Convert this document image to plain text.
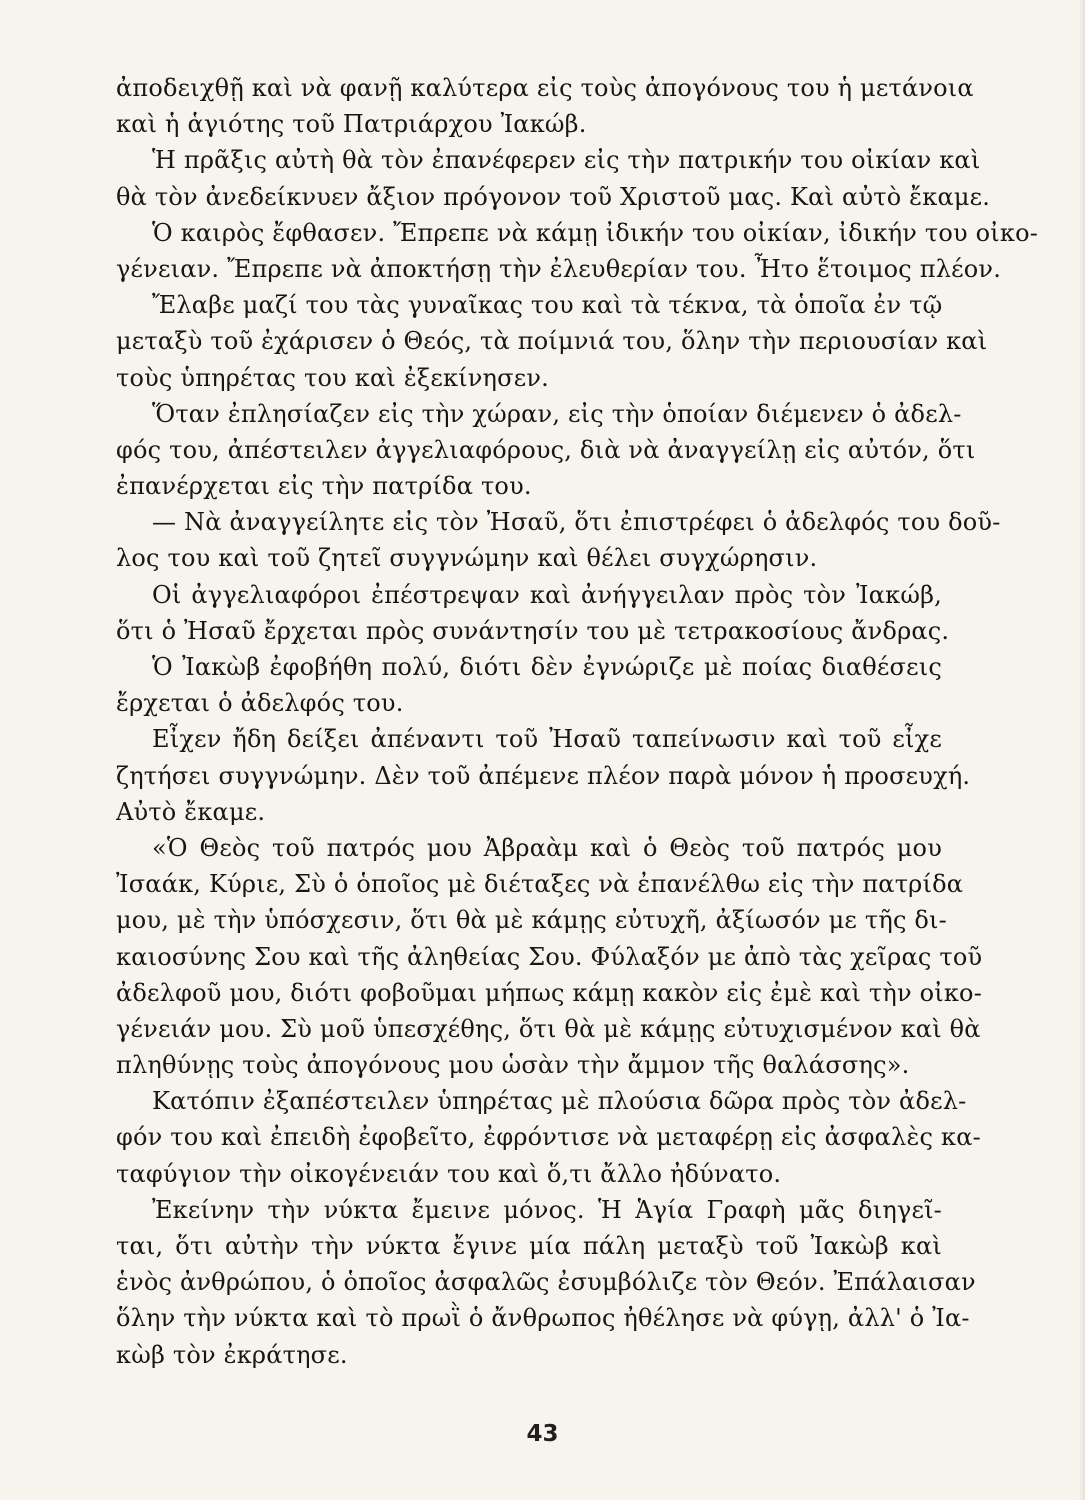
ἀποδειχθῇ καὶ νὰ φανῇ καλύτερα εἰς τοὺς ἀπογόνους του ἡ μετάνοια
καὶ ἡ ἁγιότης τοῦ Πατριάρχου Ἰακώβ.
Ἡ πρᾶξις αὐτὴ θὰ τὸν ἐπανέφερεν εἰς τὴν πατρικήν του οἰκίαν καὶ
θὰ τὸν ἀνεδείκνυεν ἄξιον πρόγονον τοῦ Χριστοῦ μας. Καὶ αὐτὸ ἔκαμε.
Ὁ καιρὸς ἔφθασεν. Ἔπρεπε νὰ κάμῃ ἰδικήν του οἰκίαν, ἰδικήν του οἰκο-
γένειαν. Ἔπρεπε νὰ ἀποκτήσῃ τὴν ἐλευθερίαν του. Ἦτο ἕτοιμος πλέον.
Ἔλαβε μαζί του τὰς γυναῖκας του καὶ τὰ τέκνα, τὰ ὁποῖα ἐν τῷ
μεταξὺ τοῦ ἐχάρισεν ὁ Θεός, τὰ ποίμνιά του, ὅλην τὴν περιουσίαν καὶ
τοὺς ὑπηρέτας του καὶ ἐξεκίνησεν.
Ὅταν ἐπλησίαζεν εἰς τὴν χώραν, εἰς τὴν ὁποίαν διέμενεν ὁ ἀδελ-
φός του, ἀπέστειλεν ἀγγελιαφόρους, διὰ νὰ ἀναγγείλῃ εἰς αὐτόν, ὅτι
ἐπανέρχεται εἰς τὴν πατρίδα του.
— Νὰ ἀναγγείλητε εἰς τὸν Ἠσαῦ, ὅτι ἐπιστρέφει ὁ ἀδελφός του δοῦ-
λος του καὶ τοῦ ζητεῖ συγγνώμην καὶ θέλει συγχώρησιν.
Οἱ ἀγγελιαφόροι ἐπέστρεψαν καὶ ἀνήγγειλαν πρὸς τὸν Ἰακώβ,
ὅτι ὁ Ἠσαῦ ἔρχεται πρὸς συνάντησίν του μὲ τετρακοσίους ἄνδρας.
Ὁ Ἰακὼβ ἐφοβήθη πολύ, διότι δὲν ἐγνώριζε μὲ ποίας διαθέσεις
ἔρχεται ὁ ἀδελφός του.
Εἶχεν ἤδη δείξει ἀπέναντι τοῦ Ἠσαῦ ταπείνωσιν καὶ τοῦ εἶχε
ζητήσει συγγνώμην. Δὲν τοῦ ἀπέμενε πλέον παρὰ μόνον ἡ προσευχή.
Αὐτὸ ἔκαμε.
«Ὁ Θεὸς τοῦ πατρός μου Ἀβραὰμ καὶ ὁ Θεὸς τοῦ πατρός μου
Ἰσαάκ, Κύριε, Σὺ ὁ ὁποῖος μὲ διέταξες νὰ ἐπανέλθω εἰς τὴν πατρίδα
μου, μὲ τὴν ὑπόσχεσιν, ὅτι θὰ μὲ κάμῃς εὐτυχῆ, ἀξίωσόν με τῆς δι-
καιοσύνης Σου καὶ τῆς ἀληθείας Σου. Φύλαξόν με ἀπὸ τὰς χεῖρας τοῦ
ἀδελφοῦ μου, διότι φοβοῦμαι μήπως κάμῃ κακὸν εἰς ἐμὲ καὶ τὴν οἰκο-
γένειάν μου. Σὺ μοῦ ὑπεσχέθης, ὅτι θὰ μὲ κάμῃς εὐτυχισμένον καὶ θὰ
πληθύνῃς τοὺς ἀπογόνους μου ὡσὰν τὴν ἄμμον τῆς θαλάσσης».
Κατόπιν ἐξαπέστειλεν ὑπηρέτας μὲ πλούσια δῶρα πρὸς τὸν ἀδελ-
φόν του καὶ ἐπειδὴ ἐφοβεῖτο, ἐφρόντισε νὰ μεταφέρῃ εἰς ἀσφαλὲς κα-
ταφύγιον τὴν οἰκογένειάν του καὶ ὅ,τι ἄλλο ἠδύνατο.
Ἐκείνην τὴν νύκτα ἔμεινε μόνος. Ἡ Ἁγία Γραφὴ μᾶς διηγεῖ-
ται, ὅτι αὐτὴν τὴν νύκτα ἔγινε μία πάλη μεταξὺ τοῦ Ἰακὼβ καὶ
ἑνὸς ἀνθρώπου, ὁ ὁποῖος ἀσφαλῶς ἐσυμβόλιζε τὸν Θεόν. Ἐπάλαισαν
ὅλην τὴν νύκτα καὶ τὸ πρωῒ ὁ ἄνθρωπος ἠθέλησε νὰ φύγῃ, ἀλλ' ὁ Ἰα-
κὼβ τὸν ἐκράτησε.
43
